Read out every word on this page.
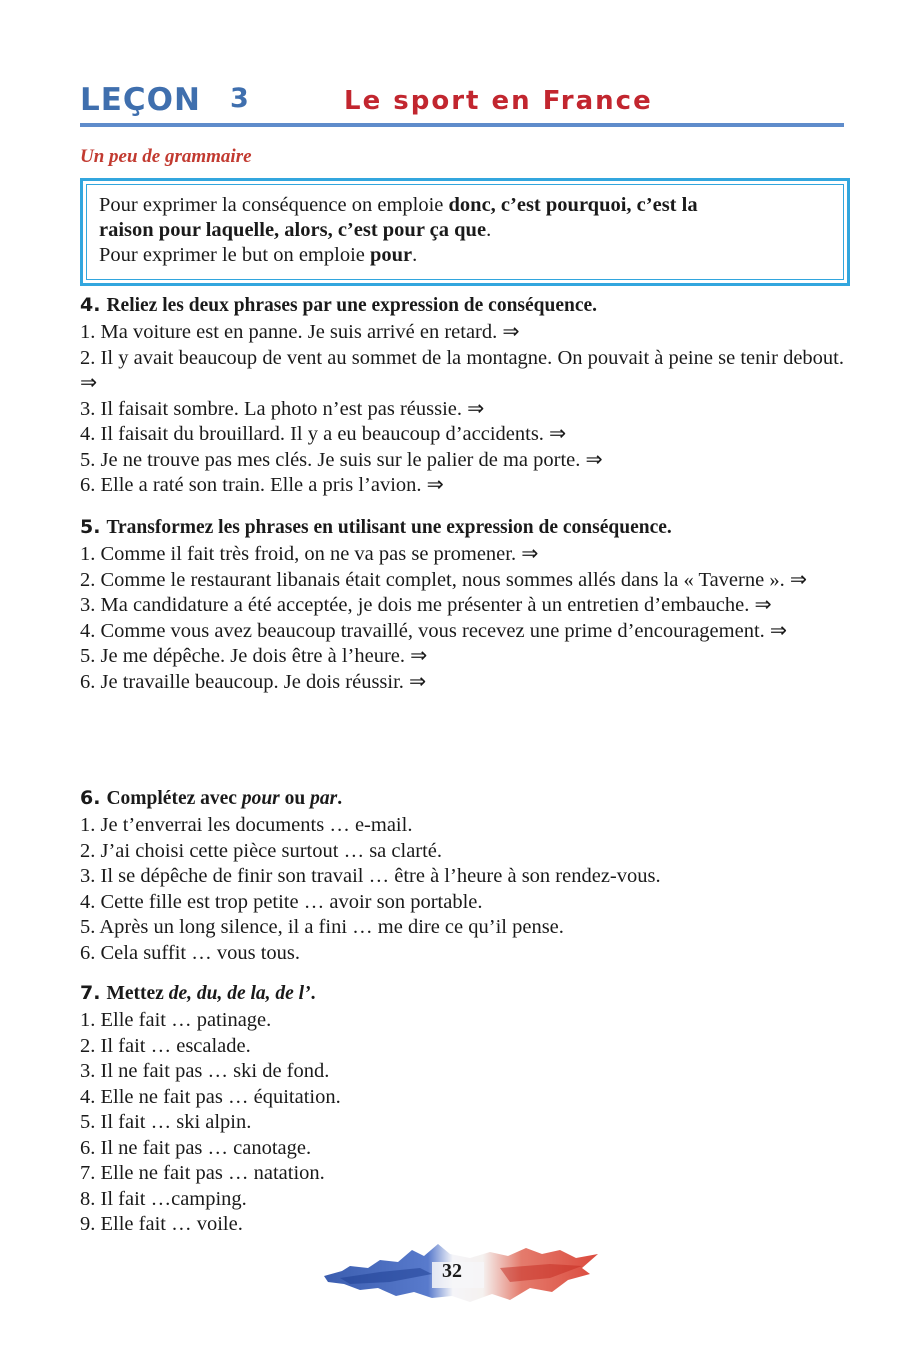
LEÇON 3	Le sport en France
Un peu de grammaire
Pour exprimer la conséquence on emploie donc, c’est pourquoi, c’est la
raison pour laquelle, alors, c’est pour ça que.
Pour exprimer le but on emploie pour.
4. Reliez les deux phrases par une expression de conséquence.
1. Ma voiture est en panne. Je suis arrivé en retard. ⇒
2. Il y avait beaucoup de vent au sommet de la montagne. On pouvait à peine se tenir debout. ⇒
3. Il faisait sombre. La photo n’est pas réussie. ⇒
4. Il faisait du brouillard. Il y a eu beaucoup d’accidents. ⇒
5. Je ne trouve pas mes clés. Je suis sur le palier de ma porte. ⇒
6. Elle a raté son train. Elle a pris l’avion. ⇒
5. Transformez les phrases en utilisant une expression de conséquence.
1. Comme il fait très froid, on ne va pas se promener. ⇒
2. Comme le restaurant libanais était complet, nous sommes allés dans la « Taverne ». ⇒
3. Ma candidature a été acceptée, je dois me présenter à un entretien d’embauche. ⇒
4. Comme vous avez beaucoup travaillé, vous recevez une prime d’encouragement. ⇒
5. Je me dépêche. Je dois être à l’heure. ⇒
6. Je travaille beaucoup. Je dois réussir. ⇒
6. Complétez avec pour ou par.
1. Je t’enverrai les documents … e-mail.
2. J’ai choisi cette pièce surtout … sa clarté.
3. Il se dépêche de finir son travail … être à l’heure à son rendez-vous.
4. Cette fille est trop petite … avoir son portable.
5. Après un long silence, il a fini … me dire ce qu’il pense.
6. Cela suffit … vous tous.
7. Mettez de, du, de la, de l’.
1. Elle fait … patinage.
2. Il fait … escalade.
3. Il ne fait pas … ski de fond.
4. Elle ne fait pas … équitation.
5. Il fait … ski alpin.
6. Il ne fait pas … canotage.
7. Elle ne fait pas … natation.
8. Il fait …camping.
9. Elle fait … voile.
32
